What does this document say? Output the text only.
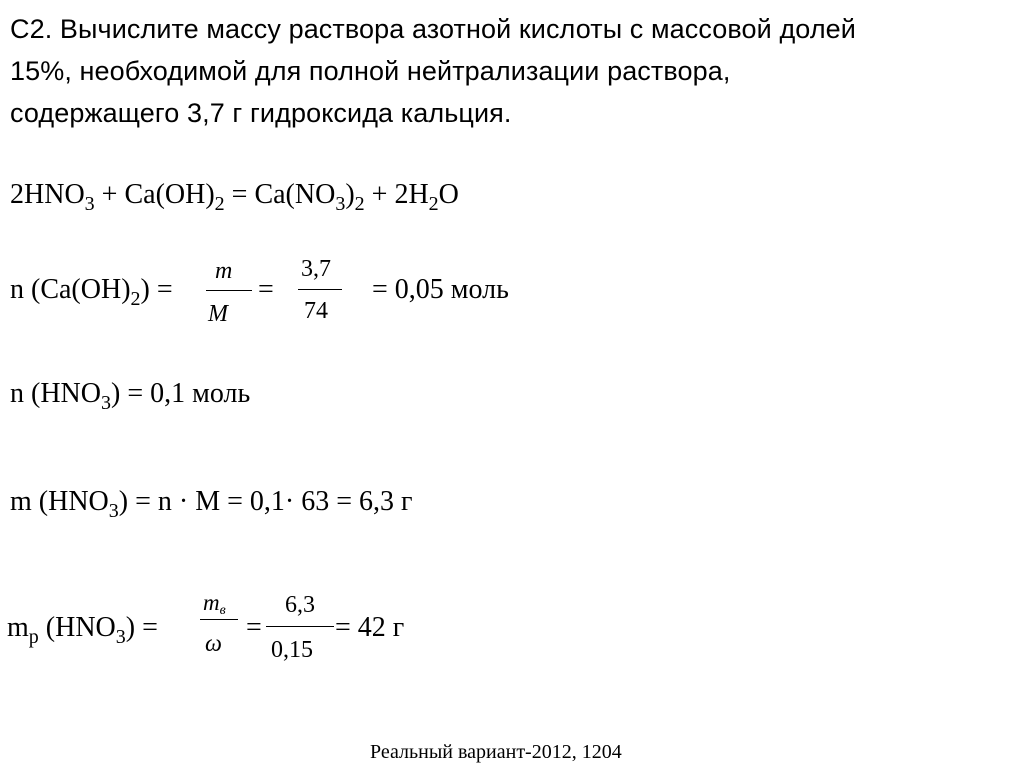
С2. Вычислите массу раствора азотной кислоты с массовой долей
15%, необходимой для полной нейтрализации раствора,
содержащего 3,7 г гидроксида кальция.
$2HNO_3 + Ca(OH)_2 = Ca(NO_3)_2 + 2H_2O$
n $(Ca(OH)_2)$ =
m
M
=
3,7
74
= 0,05 моль
n $(HNO_3) = 0,1$ моль
m $(HNO_3) = n \cdot M = 0,1\cdot 63 = 6,3$ г
$m_p$ $(HNO_3)$ =
$m_в$
ω
=
6,3
0,15
= 42 г
Реальный вариант-2012, 1204
